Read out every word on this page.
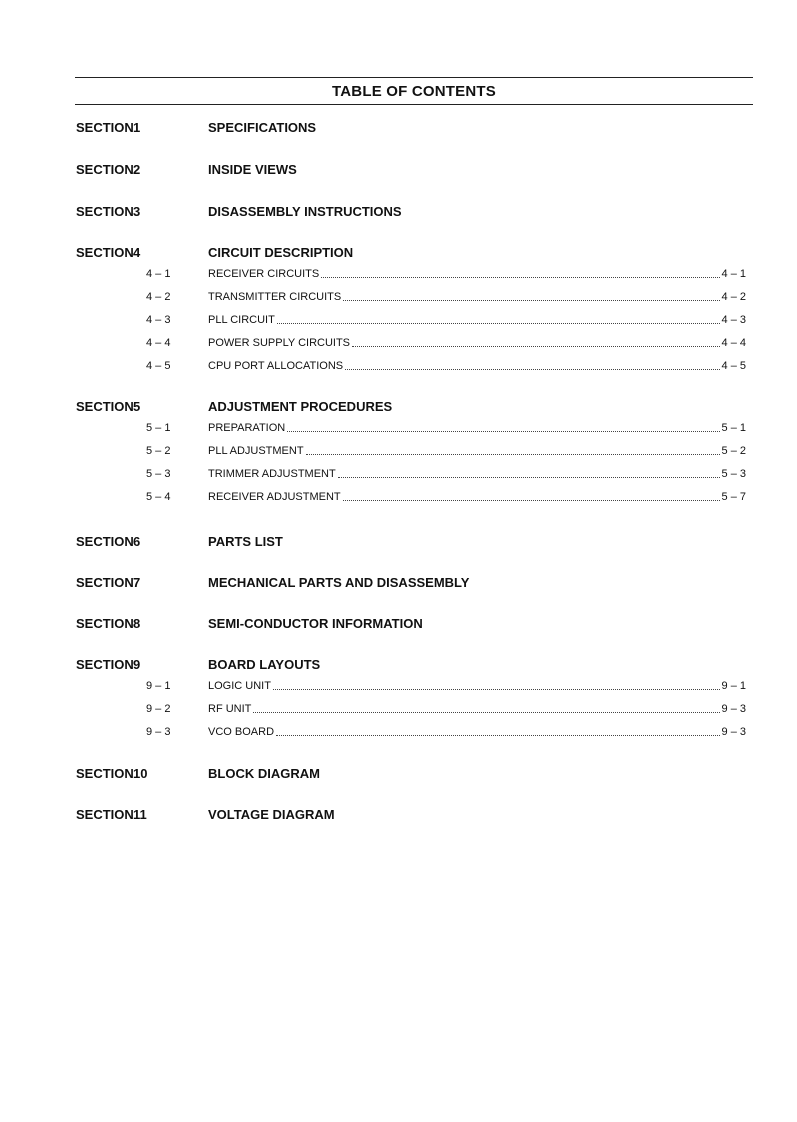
TABLE OF CONTENTS
SECTION 1	SPECIFICATIONS
SECTION 2	INSIDE VIEWS
SECTION 3	DISASSEMBLY INSTRUCTIONS
SECTION 4	CIRCUIT DESCRIPTION
4 – 1	RECEIVER CIRCUITS	4 – 1
4 – 2	TRANSMITTER CIRCUITS	4 – 2
4 – 3	PLL CIRCUIT	4 – 3
4 – 4	POWER SUPPLY CIRCUITS	4 – 4
4 – 5	CPU PORT ALLOCATIONS	4 – 5
SECTION 5	ADJUSTMENT PROCEDURES
5 – 1	PREPARATION	5 – 1
5 – 2	PLL ADJUSTMENT	5 – 2
5 – 3	TRIMMER ADJUSTMENT	5 – 3
5 – 4	RECEIVER ADJUSTMENT	5 – 7
SECTION 6	PARTS LIST
SECTION 7	MECHANICAL PARTS AND DISASSEMBLY
SECTION 8	SEMI-CONDUCTOR INFORMATION
SECTION 9	BOARD LAYOUTS
9 – 1	LOGIC UNIT	9 – 1
9 – 2	RF UNIT	9 – 3
9 – 3	VCO BOARD	9 – 3
SECTION 10	BLOCK DIAGRAM
SECTION 11	VOLTAGE DIAGRAM
